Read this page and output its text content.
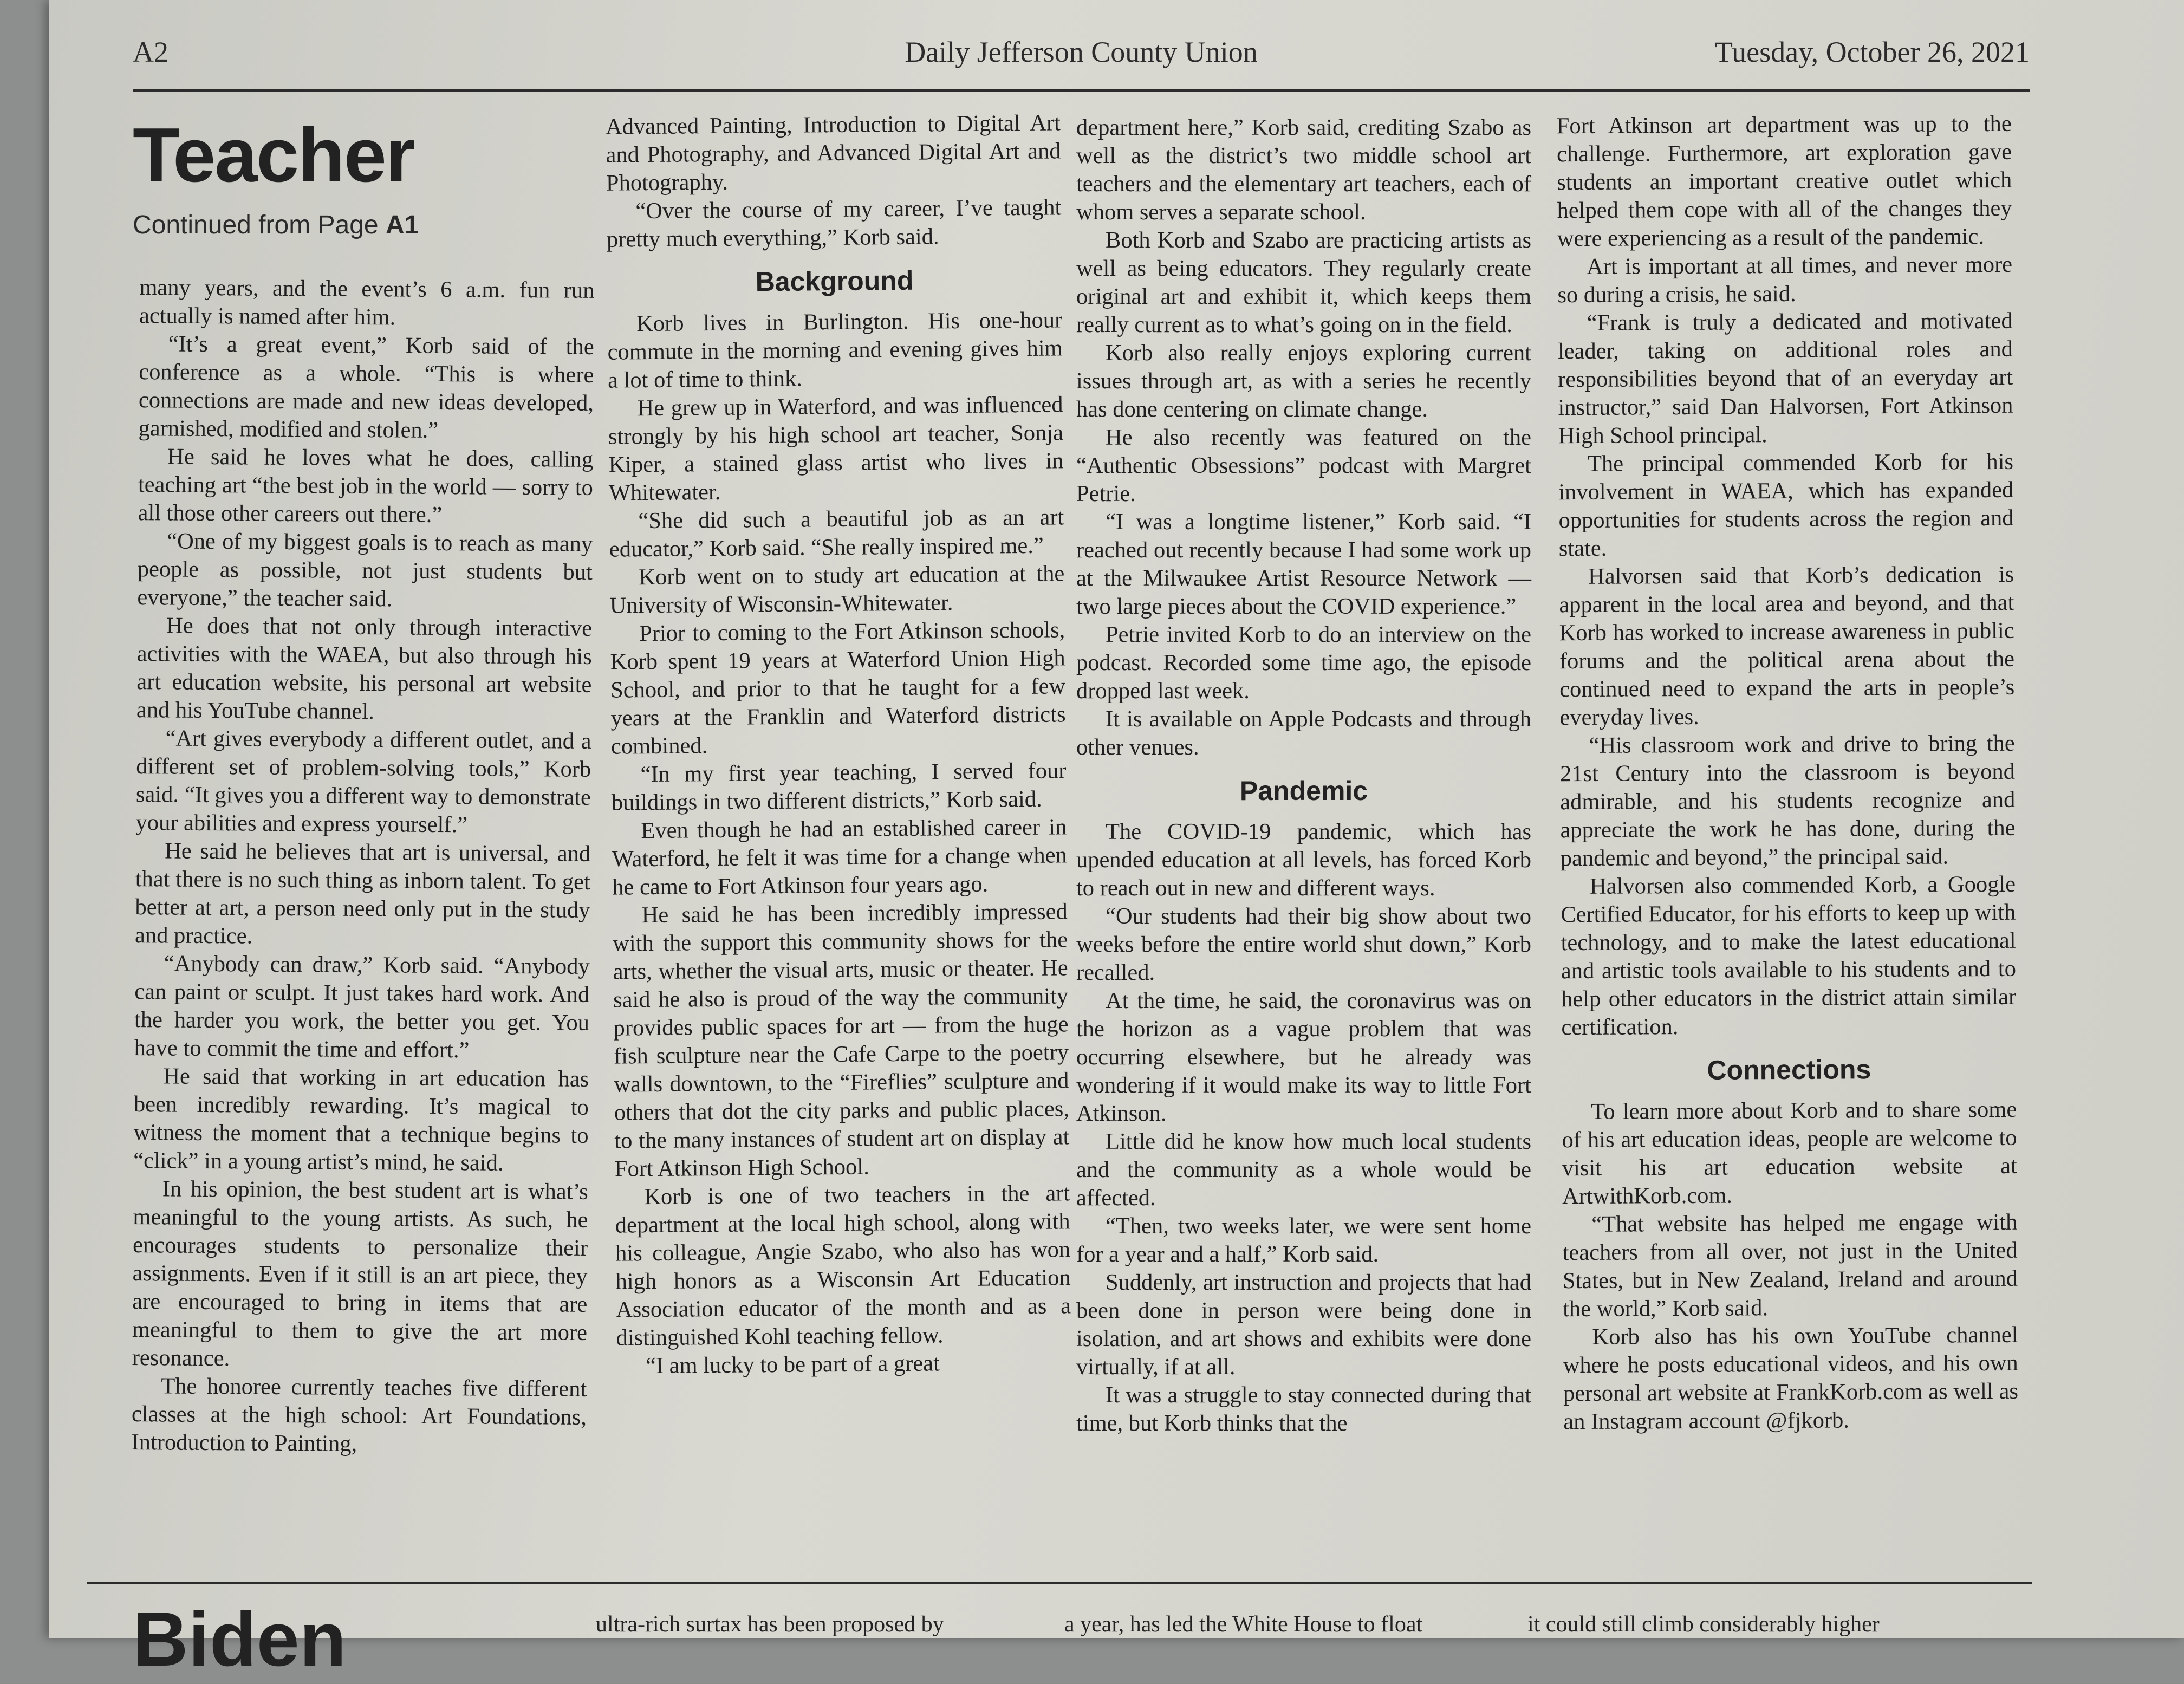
A2	Daily Jefferson County Union	Tuesday, October 26, 2021
Teacher
Continued from Page A1

many years, and the event’s 6 a.m. fun run actually is named after him.

“It’s a great event,” Korb said of the conference as a whole. “This is where connections are made and new ideas developed, garnished, modified and stolen.”

He said he loves what he does, calling teaching art “the best job in the world — sorry to all those other careers out there.”

“One of my biggest goals is to reach as many people as possible, not just students but everyone,” the teacher said.

He does that not only through interactive activities with the WAEA, but also through his art education website, his personal art website and his YouTube channel.

“Art gives everybody a different outlet, and a different set of problem-solving tools,” Korb said. “It gives you a different way to demonstrate your abilities and express yourself.”

He said he believes that art is universal, and that there is no such thing as inborn talent. To get better at art, a person need only put in the study and practice.

“Anybody can draw,” Korb said. “Anybody can paint or sculpt. It just takes hard work. And the harder you work, the better you get. You have to commit the time and effort.”

He said that working in art education has been incredibly rewarding. It’s magical to witness the moment that a technique begins to “click” in a young artist’s mind, he said.

In his opinion, the best student art is what’s meaningful to the young artists. As such, he encourages students to personalize their assignments. Even if it still is an art piece, they are encouraged to bring in items that are meaningful to them to give the art more resonance.

The honoree currently teaches five different classes at the high school: Art Foundations, Introduction to Painting,

Advanced Painting, Introduction to Digital Art and Photography, and Advanced Digital Art and Photography.

“Over the course of my career, I’ve taught pretty much everything,” Korb said.

Background

Korb lives in Burlington. His one-hour commute in the morning and evening gives him a lot of time to think.

He grew up in Waterford, and was influenced strongly by his high school art teacher, Sonja Kiper, a stained glass artist who lives in Whitewater.

“She did such a beautiful job as an art educator,” Korb said. “She really inspired me.”

Korb went on to study art education at the University of Wisconsin-Whitewater.

Prior to coming to the Fort Atkinson schools, Korb spent 19 years at Waterford Union High School, and prior to that he taught for a few years at the Franklin and Waterford districts combined.

“In my first year teaching, I served four buildings in two different districts,” Korb said.

Even though he had an established career in Waterford, he felt it was time for a change when he came to Fort Atkinson four years ago.

He said he has been incredibly impressed with the support this community shows for the arts, whether the visual arts, music or theater. He said he also is proud of the way the community provides public spaces for art — from the huge fish sculpture near the Cafe Carpe to the poetry walls downtown, to the “Fireflies” sculpture and others that dot the city parks and public places, to the many instances of student art on display at Fort Atkinson High School.

Korb is one of two teachers in the art department at the local high school, along with his colleague, Angie Szabo, who also has won high honors as a Wisconsin Art Education Association educator of the month and as a distinguished Kohl teaching fellow.

“I am lucky to be part of a great

department here,” Korb said, crediting Szabo as well as the district’s two middle school art teachers and the elementary art teachers, each of whom serves a separate school.

Both Korb and Szabo are practicing artists as well as being educators. They regularly create original art and exhibit it, which keeps them really current as to what’s going on in the field.

Korb also really enjoys exploring current issues through art, as with a series he recently has done centering on climate change.

He also recently was featured on the “Authentic Obsessions” podcast with Margret Petrie.

“I was a longtime listener,” Korb said. “I reached out recently because I had some work up at the Milwaukee Artist Resource Network — two large pieces about the COVID experience.”

Petrie invited Korb to do an interview on the podcast. Recorded some time ago, the episode dropped last week.

It is available on Apple Podcasts and through other venues.

Pandemic

The COVID-19 pandemic, which has upended education at all levels, has forced Korb to reach out in new and different ways.

“Our students had their big show about two weeks before the entire world shut down,” Korb recalled.

At the time, he said, the coronavirus was on the horizon as a vague problem that was occurring elsewhere, but he already was wondering if it would make its way to little Fort Atkinson.

Little did he know how much local students and the community as a whole would be affected.

“Then, two weeks later, we were sent home for a year and a half,” Korb said.

Suddenly, art instruction and projects that had been done in person were being done in isolation, and art shows and exhibits were done virtually, if at all.

It was a struggle to stay connected during that time, but Korb thinks that the

Fort Atkinson art department was up to the challenge. Furthermore, art exploration gave students an important creative outlet which helped them cope with all of the changes they were experiencing as a result of the pandemic.

Art is important at all times, and never more so during a crisis, he said.

“Frank is truly a dedicated and motivated leader, taking on additional roles and responsibilities beyond that of an everyday art instructor,” said Dan Halvorsen, Fort Atkinson High School principal.

The principal commended Korb for his involvement in WAEA, which has expanded opportunities for students across the region and state.

Halvorsen said that Korb’s dedication is apparent in the local area and beyond, and that Korb has worked to increase awareness in public forums and the political arena about the continued need to expand the arts in people’s everyday lives.

“His classroom work and drive to bring the 21st Century into the classroom is beyond admirable, and his students recognize and appreciate the work he has done, during the pandemic and beyond,” the principal said.

Halvorsen also commended Korb, a Google Certified Educator, for his efforts to keep up with technology, and to make the latest educational and artistic tools available to his students and to help other educators in the district attain similar certification.

Connections

To learn more about Korb and to share some of his art education ideas, people are welcome to visit his art education website at ArtwithKorb.com.

“That website has helped me engage with teachers from all over, not just in the United States, but in New Zealand, Ireland and around the world,” Korb said.

Korb also has his own YouTube channel where he posts educational videos, and his own personal art website at FrankKorb.com as well as an Instagram account @fjkorb.

Biden	ultra-rich surtax has been proposed by	a year, has led the White House to float	it could still climb considerably higher
